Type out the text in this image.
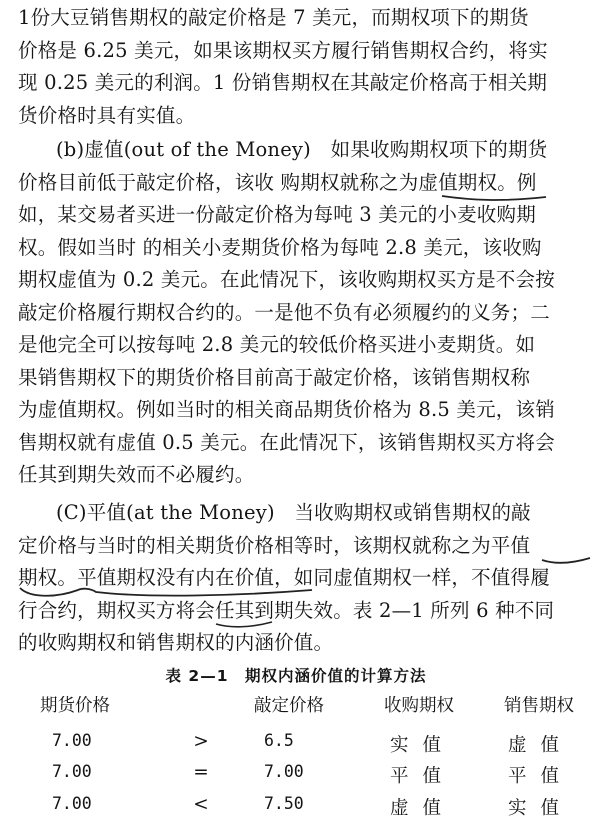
1份大豆销售期权的敲定价格是 7 美元，而期权项下的期货
价格是 6.25 美元，如果该期权买方履行销售期权合约，将实
现 0.25 美元的利润。1 份销售期权在其敲定价格高于相关期
货价格时具有实值。
(b)虚值(out of the Money)　如果收购期权项下的期货
价格目前低于敲定价格，该收 购期权就称之为虚值期权。例
如，某交易者买进一份敲定价格为每吨 3 美元的小麦收购期
权。假如当时 的相关小麦期货价格为每吨 2.8 美元，该收购
期权虚值为 0.2 美元。在此情况下，该收购期权买方是不会按
敲定价格履行期权合约的。一是他不负有必须履约的义务；二
是他完全可以按每吨 2.8 美元的较低价格买进小麦期货。如
果销售期权下的期货价格目前高于敲定价格，该销售期权称
为虚值期权。例如当时的相关商品期货价格为 8.5 美元，该销
售期权就有虚值 0.5 美元。在此情况下，该销售期权买方将会
任其到期失效而不必履约。
(C)平值(at the Money)　当收购期权或销售期权的敲
定价格与当时的相关期货价格相等时，该期权就称之为平值
期权。平值期权没有内在价值，如同虚值期权一样，不值得履
行合约，期权买方将会任其到期失效。表 2—1 所列 6 种不同
的收购期权和销售期权的内涵价值。
表 2—1　期权内涵价值的计算方法
期货价格	敲定价格	收购期权	销售期权
7.00	>	6.5	实值	虚值
7.00	=	7.00	平值	平值
7.00	<	7.50	虚值	实值
